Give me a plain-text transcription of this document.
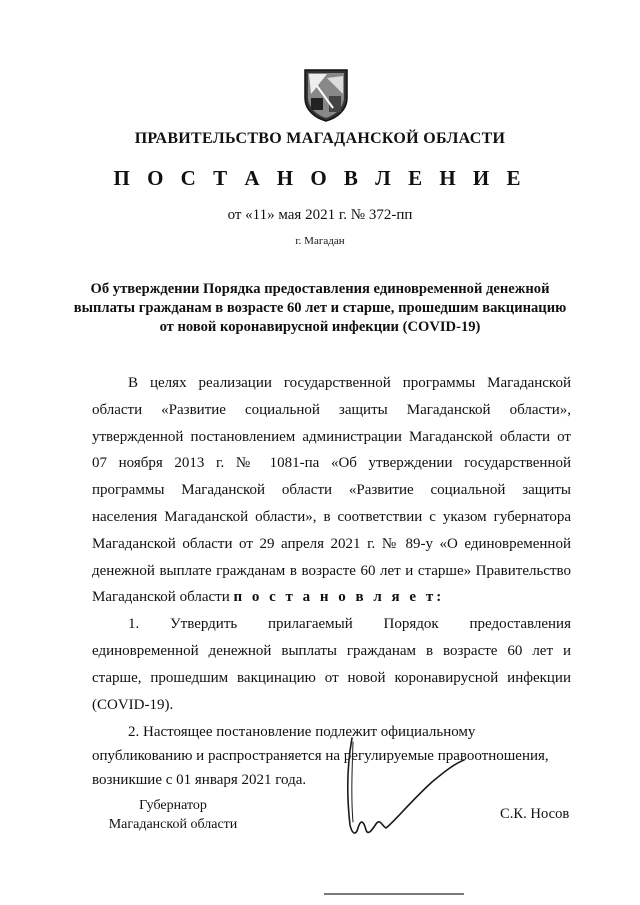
ПРАВИТЕЛЬСТВО МАГАДАНСКОЙ ОБЛАСТИ
П О С Т А Н О В Л Е Н И Е
от «11» мая 2021 г. № 372-пп
г. Магадан
Об утверждении Порядка предоставления единовременной денежной выплаты гражданам в возрасте 60 лет и старше, прошедшим вакцинацию от новой коронавирусной инфекции (COVID-19)

В целях реализации государственной программы Магаданской области «Развитие социальной защиты Магаданской области», утвержденной постановлением администрации Магаданской области от 07 ноября 2013 г. № 1081-па «Об утверждении государственной программы Магаданской области «Развитие социальной защиты населения Магаданской области», в соответствии с указом губернатора Магаданской области от 29 апреля 2021 г. № 89-у «О единовременной денежной выплате гражданам в возрасте 60 лет и старше» Правительство Магаданской области п о с т а н о в л я е т:

1. Утвердить прилагаемый Порядок предоставления единовременной денежной выплаты гражданам в возрасте 60 лет и старше, прошедшим вакцинацию от новой коронавирусной инфекции (COVID-19).

2. Настоящее постановление подлежит официальному опубликованию и распространяется на регулируемые правоотношения, возникшие с 01 января 2021 года.

Губернатор
Магаданской области
С.К. Носов
